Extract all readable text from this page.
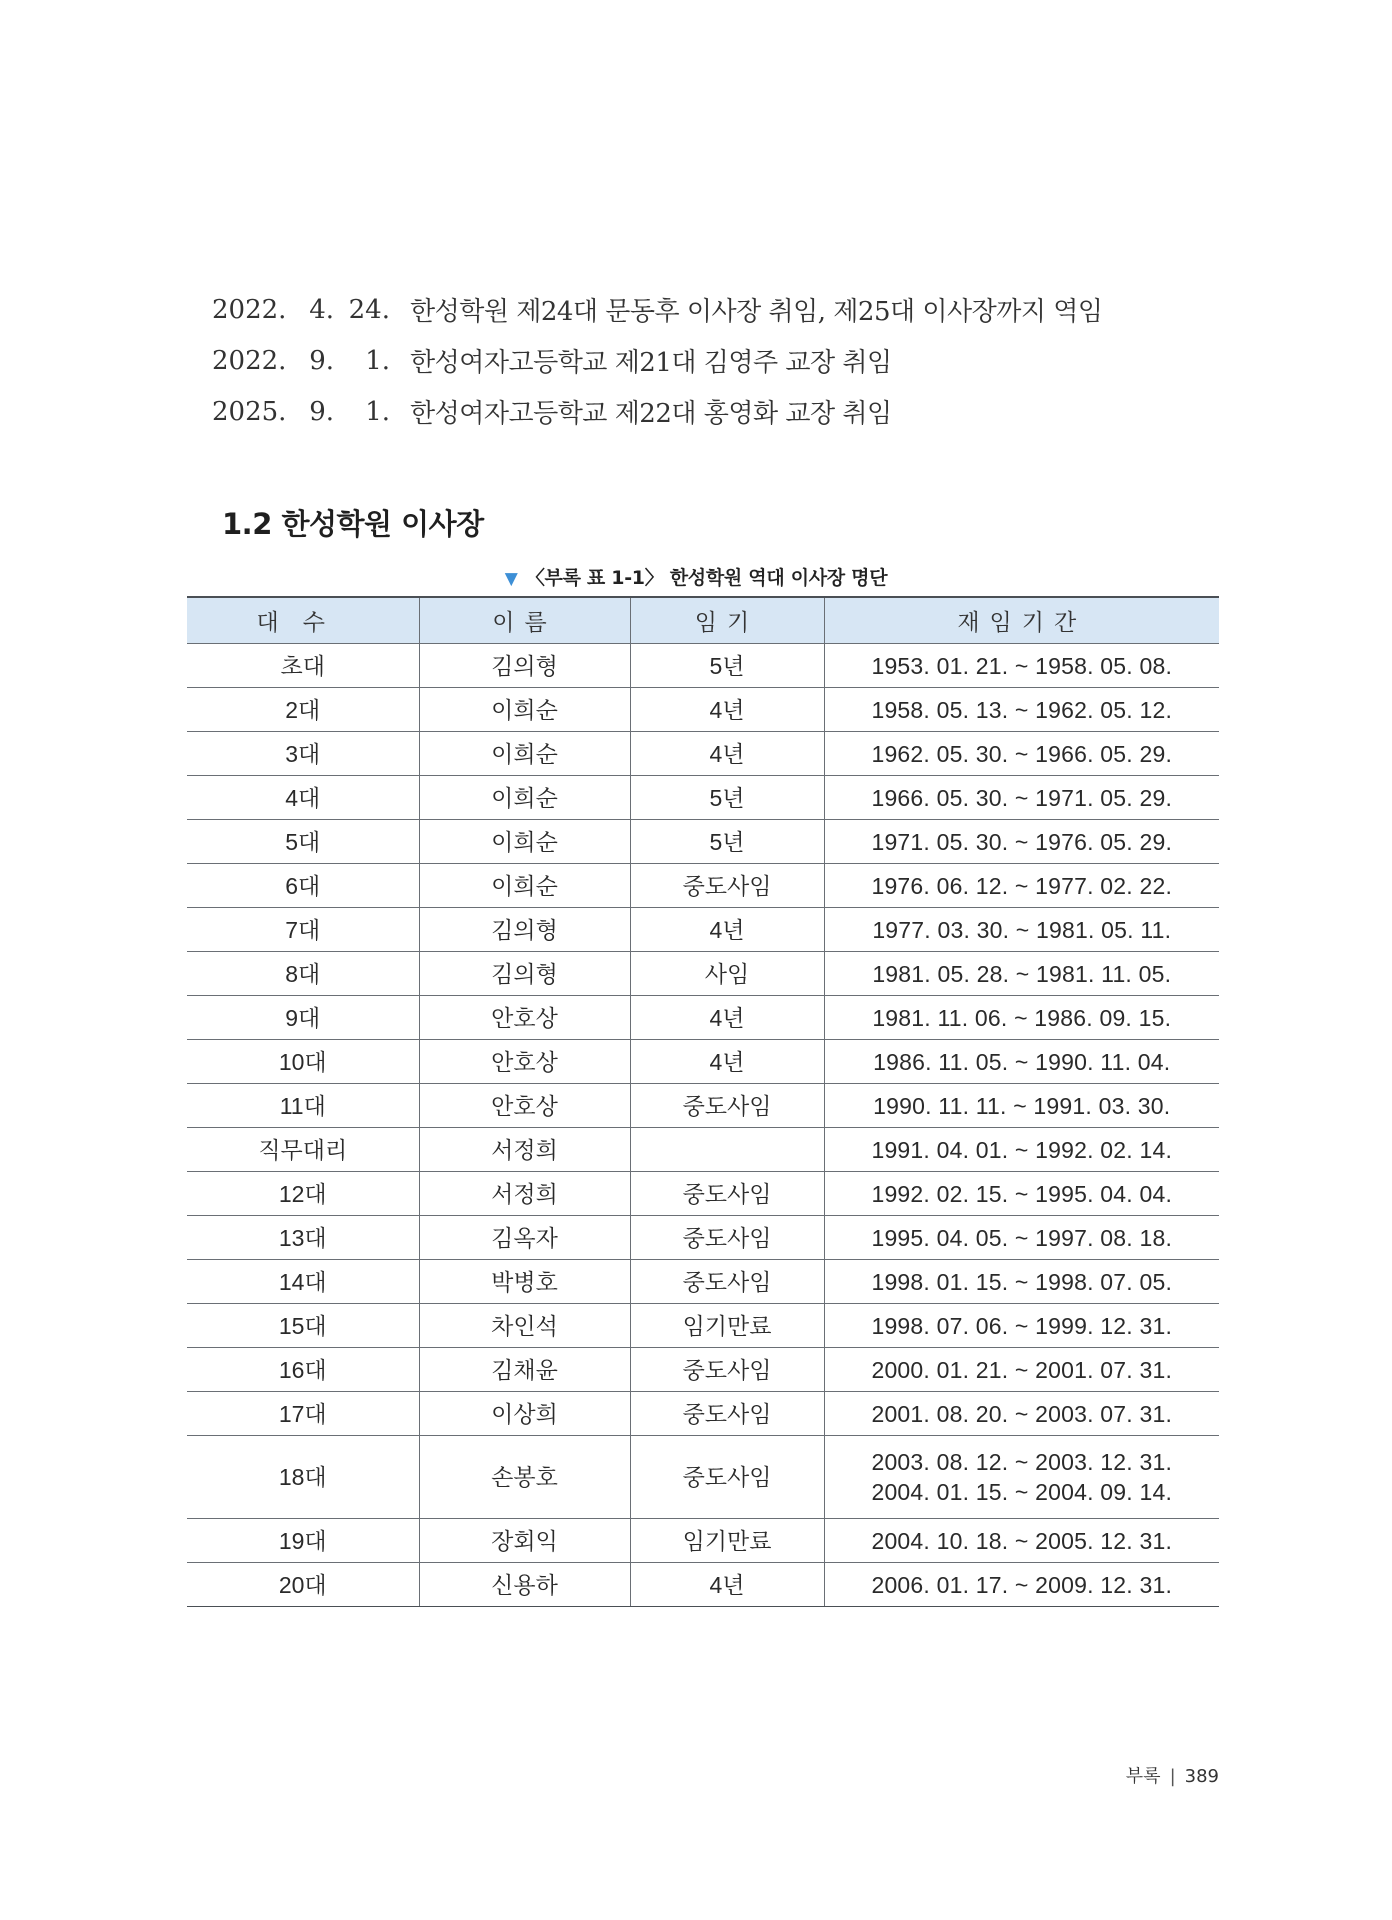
2022. 4. 24. 한성학원 제24대 문동후 이사장 취임, 제25대 이사장까지 역임
2022. 9.	1. 한성여자고등학교 제21대 김영주 교장 취임
2025. 9.	1. 한성여자고등학교 제22대 홍영화 교장 취임
1.2 한성학원 이사장
▼ 〈부록 표 1-1〉 한성학원 역대 이사장 명단
대수	이름	임기	재임기간
초대	김의형	5년	1953. 01. 21. ~ 1958. 05. 08.

2대	이희순	4년	1958. 05. 13. ~ 1962. 05. 12.

3대	이희순	4년	1962. 05. 30. ~ 1966. 05. 29.

4대	이희순	5년	1966. 05. 30. ~ 1971. 05. 29.

5대	이희순	5년	1971. 05. 30. ~ 1976. 05. 29.

6대	이희순	중도사임	1976. 06. 12. ~ 1977. 02. 22.

7대	김의형	4년	1977. 03. 30. ~ 1981. 05. 11.

8대	김의형	사임	1981. 05. 28. ~ 1981. 11. 05.

9대	안호상	4년	1981. 11. 06. ~ 1986. 09. 15.

10대	안호상	4년	1986. 11. 05. ~ 1990. 11. 04.

11대	안호상	중도사임	1990. 11. 11. ~ 1991. 03. 30.

직무대리	서정희		1991. 04. 01. ~ 1992. 02. 14.

12대	서정희	중도사임	1992. 02. 15. ~ 1995. 04. 04.

13대	김옥자	중도사임	1995. 04. 05. ~ 1997. 08. 18.

14대	박병호	중도사임	1998. 01. 15. ~ 1998. 07. 05.

15대	차인석	임기만료	1998. 07. 06. ~ 1999. 12. 31.

16대	김채윤	중도사임	2000. 01. 21. ~ 2001. 07. 31.

17대	이상희	중도사임	2001. 08. 20. ~ 2003. 07. 31.

18대	손봉호	중도사임	2003. 08. 12. ~ 2003. 12. 31.
2004. 01. 15. ~ 2004. 09. 14.

19대	장회익	임기만료	2004. 10. 18. ~ 2005. 12. 31.

20대	신용하	4년	2006. 01. 17. ~ 2009. 12. 31.
부록 | 389
